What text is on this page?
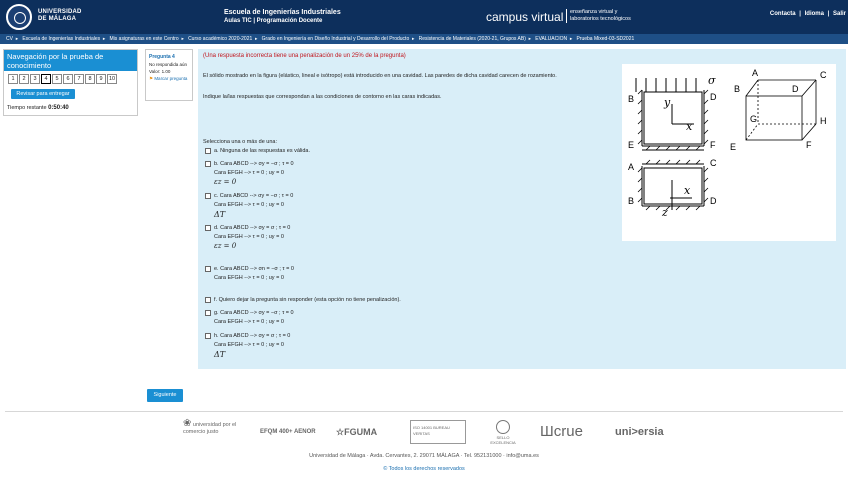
UNIVERSIDAD
DE MÁLAGA
Escuela de Ingenierías Industriales
Aulas TIC | Programación Docente	campus virtual enseñanza virtual y
laboratorios tecnológicos
Contacta | Idioma | Salir
CV ► Escuela de Ingenierías Industriales ► Mis asignaturas en este Centro ► Curso académico 2020-2021 ► Grado en Ingeniería en Diseño Industrial y Desarrollo del Producto ► Resistencia de Materiales (2020-21, Grupos AB) ► EVALUACION ► Prueba Mixed-03-SD2021
Navegación por la prueba de conocimiento
1	2	3	4	5	6	7	8	9	10
Revisar para entregar
Tiempo restante 0:50:40
Pregunta 4
No respondida aún
Valor: 1.00
⚑ Marcar pregunta
(Una respuesta incorrecta tiene una penalización de un 25% de la pregunta)
El sólido mostrado en la figura (elástico, lineal e isótropo) está introducido en una cavidad. Las paredes de dicha cavidad carecen de rozamiento.
Indique la/las respuestas que correspondan a las condiciones de contorno en las caras indicadas.
Selecciona una o más de una:
a. Ninguna de las respuestas es válida.
b. Cara ABCD --> σy = −σ ; τ = 0
Cara EFGH --> τ = 0 ; uy = 0
εz = 0
c. Cara ABCD --> σy = −σ ; τ = 0
Cara EFGH --> τ = 0 ; uy = 0
ΔT
d. Cara ABCD --> σy = σ ; τ = 0
Cara EFGH --> τ = 0 ; uy = 0
εz = 0
e. Cara ABCD --> σn = −σ ; τ = 0
Cara EFGH --> τ = 0 ; uy = 0
f. Quiero dejar la pregunta sin responder (esta opción no tiene penalización).
g. Cara ABCD --> σy = −σ ; τ = 0
Cara EFGH --> τ = 0 ; uy = 0
h. Cara ABCD --> σy = σ ; τ = 0
Cara EFGH --> τ = 0 ; uy = 0
ΔT
σ
y
x
x
z
B	D
E	F
A	C
B	D
A	C
B	D
G	H
E	F
Siguiente
❀ universidad por el comercio justo	EFQM 400+ AENOR ☆FGUMA	ISO 14001 BUREAU VERITAS
SELLO EXCELENCIA
Шcrue	uni>ersia
Universidad de Málaga · Avda. Cervantes, 2. 29071 MÁLAGA · Tel. 952131000 · info@uma.es
© Todos los derechos reservados
